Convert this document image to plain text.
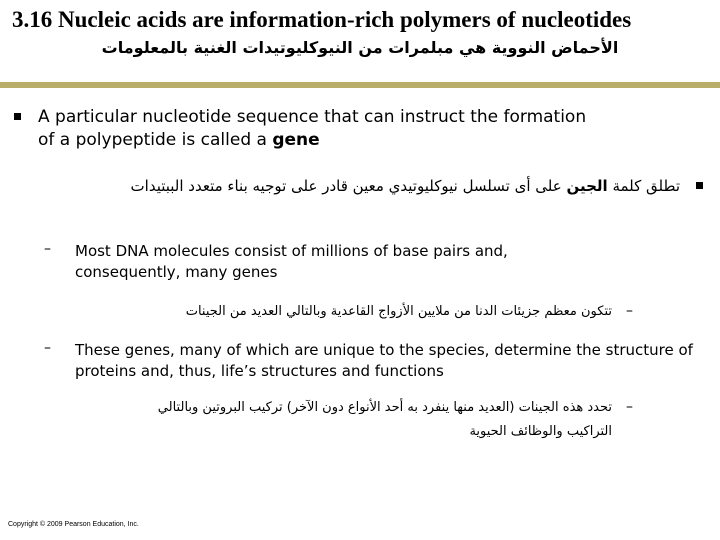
3.16 Nucleic acids are information-rich polymers of nucleotides
الأحماض النووية هي مبلمرات من النيوكليوتيدات الغنية بالمعلومات
A particular nucleotide sequence that can instruct the formation of a polypeptide is called a gene
تطلق كلمة الجين على أى تسلسل نيوكليوتيدي معين قادر على توجيه بناء متعدد الببتيدات
– Most DNA molecules consist of millions of base pairs and, consequently, many genes
–
تتكون معظم جزيئات الدنا من ملايين الأزواج القاعدية وبالتالي العديد من الجينات
– These genes, many of which are unique to the species, determine the structure of proteins and, thus, life’s structures and functions
–
تحدد هذه الجينات (العديد منها ينفرد به أحد الأنواع دون الآخر) تركيب البروتين وبالتالي التراكيب والوظائف الحيوية
Copyright © 2009 Pearson Education, Inc.
